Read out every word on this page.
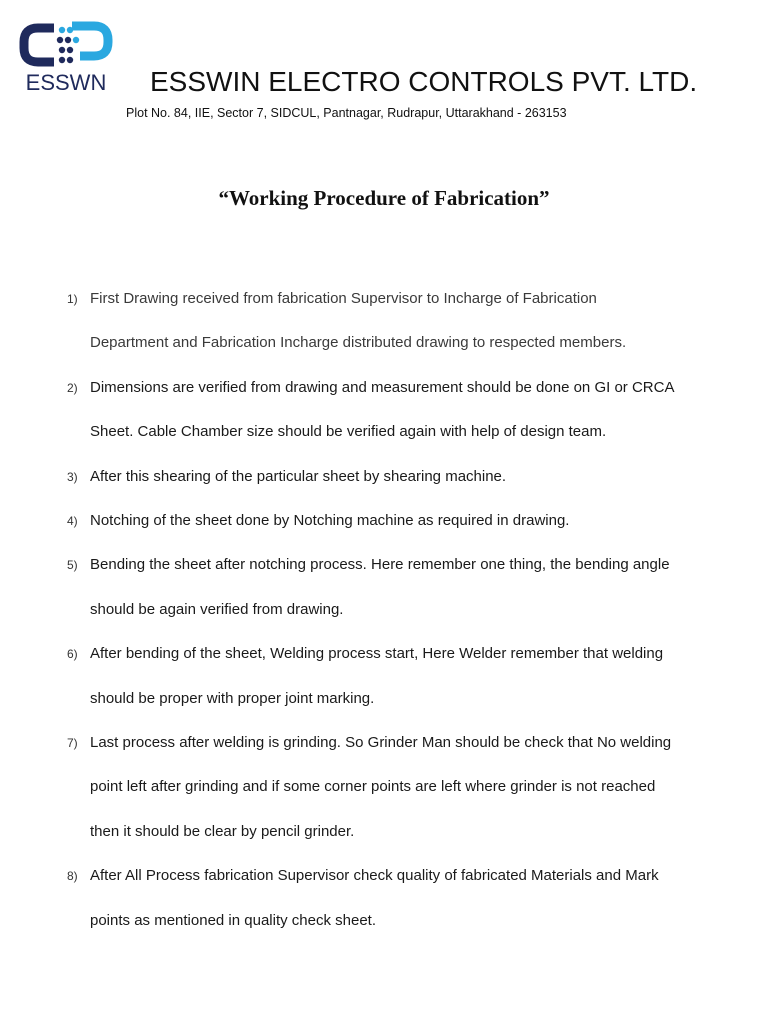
ESSWN ESSWIN ELECTRO CONTROLS PVT. LTD.
Plot No. 84, IIE, Sector 7, SIDCUL, Pantnagar, Rudrapur, Uttarakhand - 263153
“Working Procedure of Fabrication”
1) First Drawing received from fabrication Supervisor to Incharge of Fabrication
Department and Fabrication Incharge distributed drawing to respected members.
2) Dimensions are verified from drawing and measurement should be done on GI or CRCA
Sheet. Cable Chamber size should be verified again with help of design team.
3) After this shearing of the particular sheet by shearing machine.
4) Notching of the sheet done by Notching machine as required in drawing.
5) Bending the sheet after notching process. Here remember one thing, the bending angle
should be again verified from drawing.
6) After bending of the sheet, Welding process start, Here Welder remember that welding
should be proper with proper joint marking.
7) Last process after welding is grinding. So Grinder Man should be check that No welding
point left after grinding and if some corner points are left where grinder is not reached
then it should be clear by pencil grinder.
8) After All Process fabrication Supervisor check quality of fabricated Materials and Mark
points as mentioned in quality check sheet.
